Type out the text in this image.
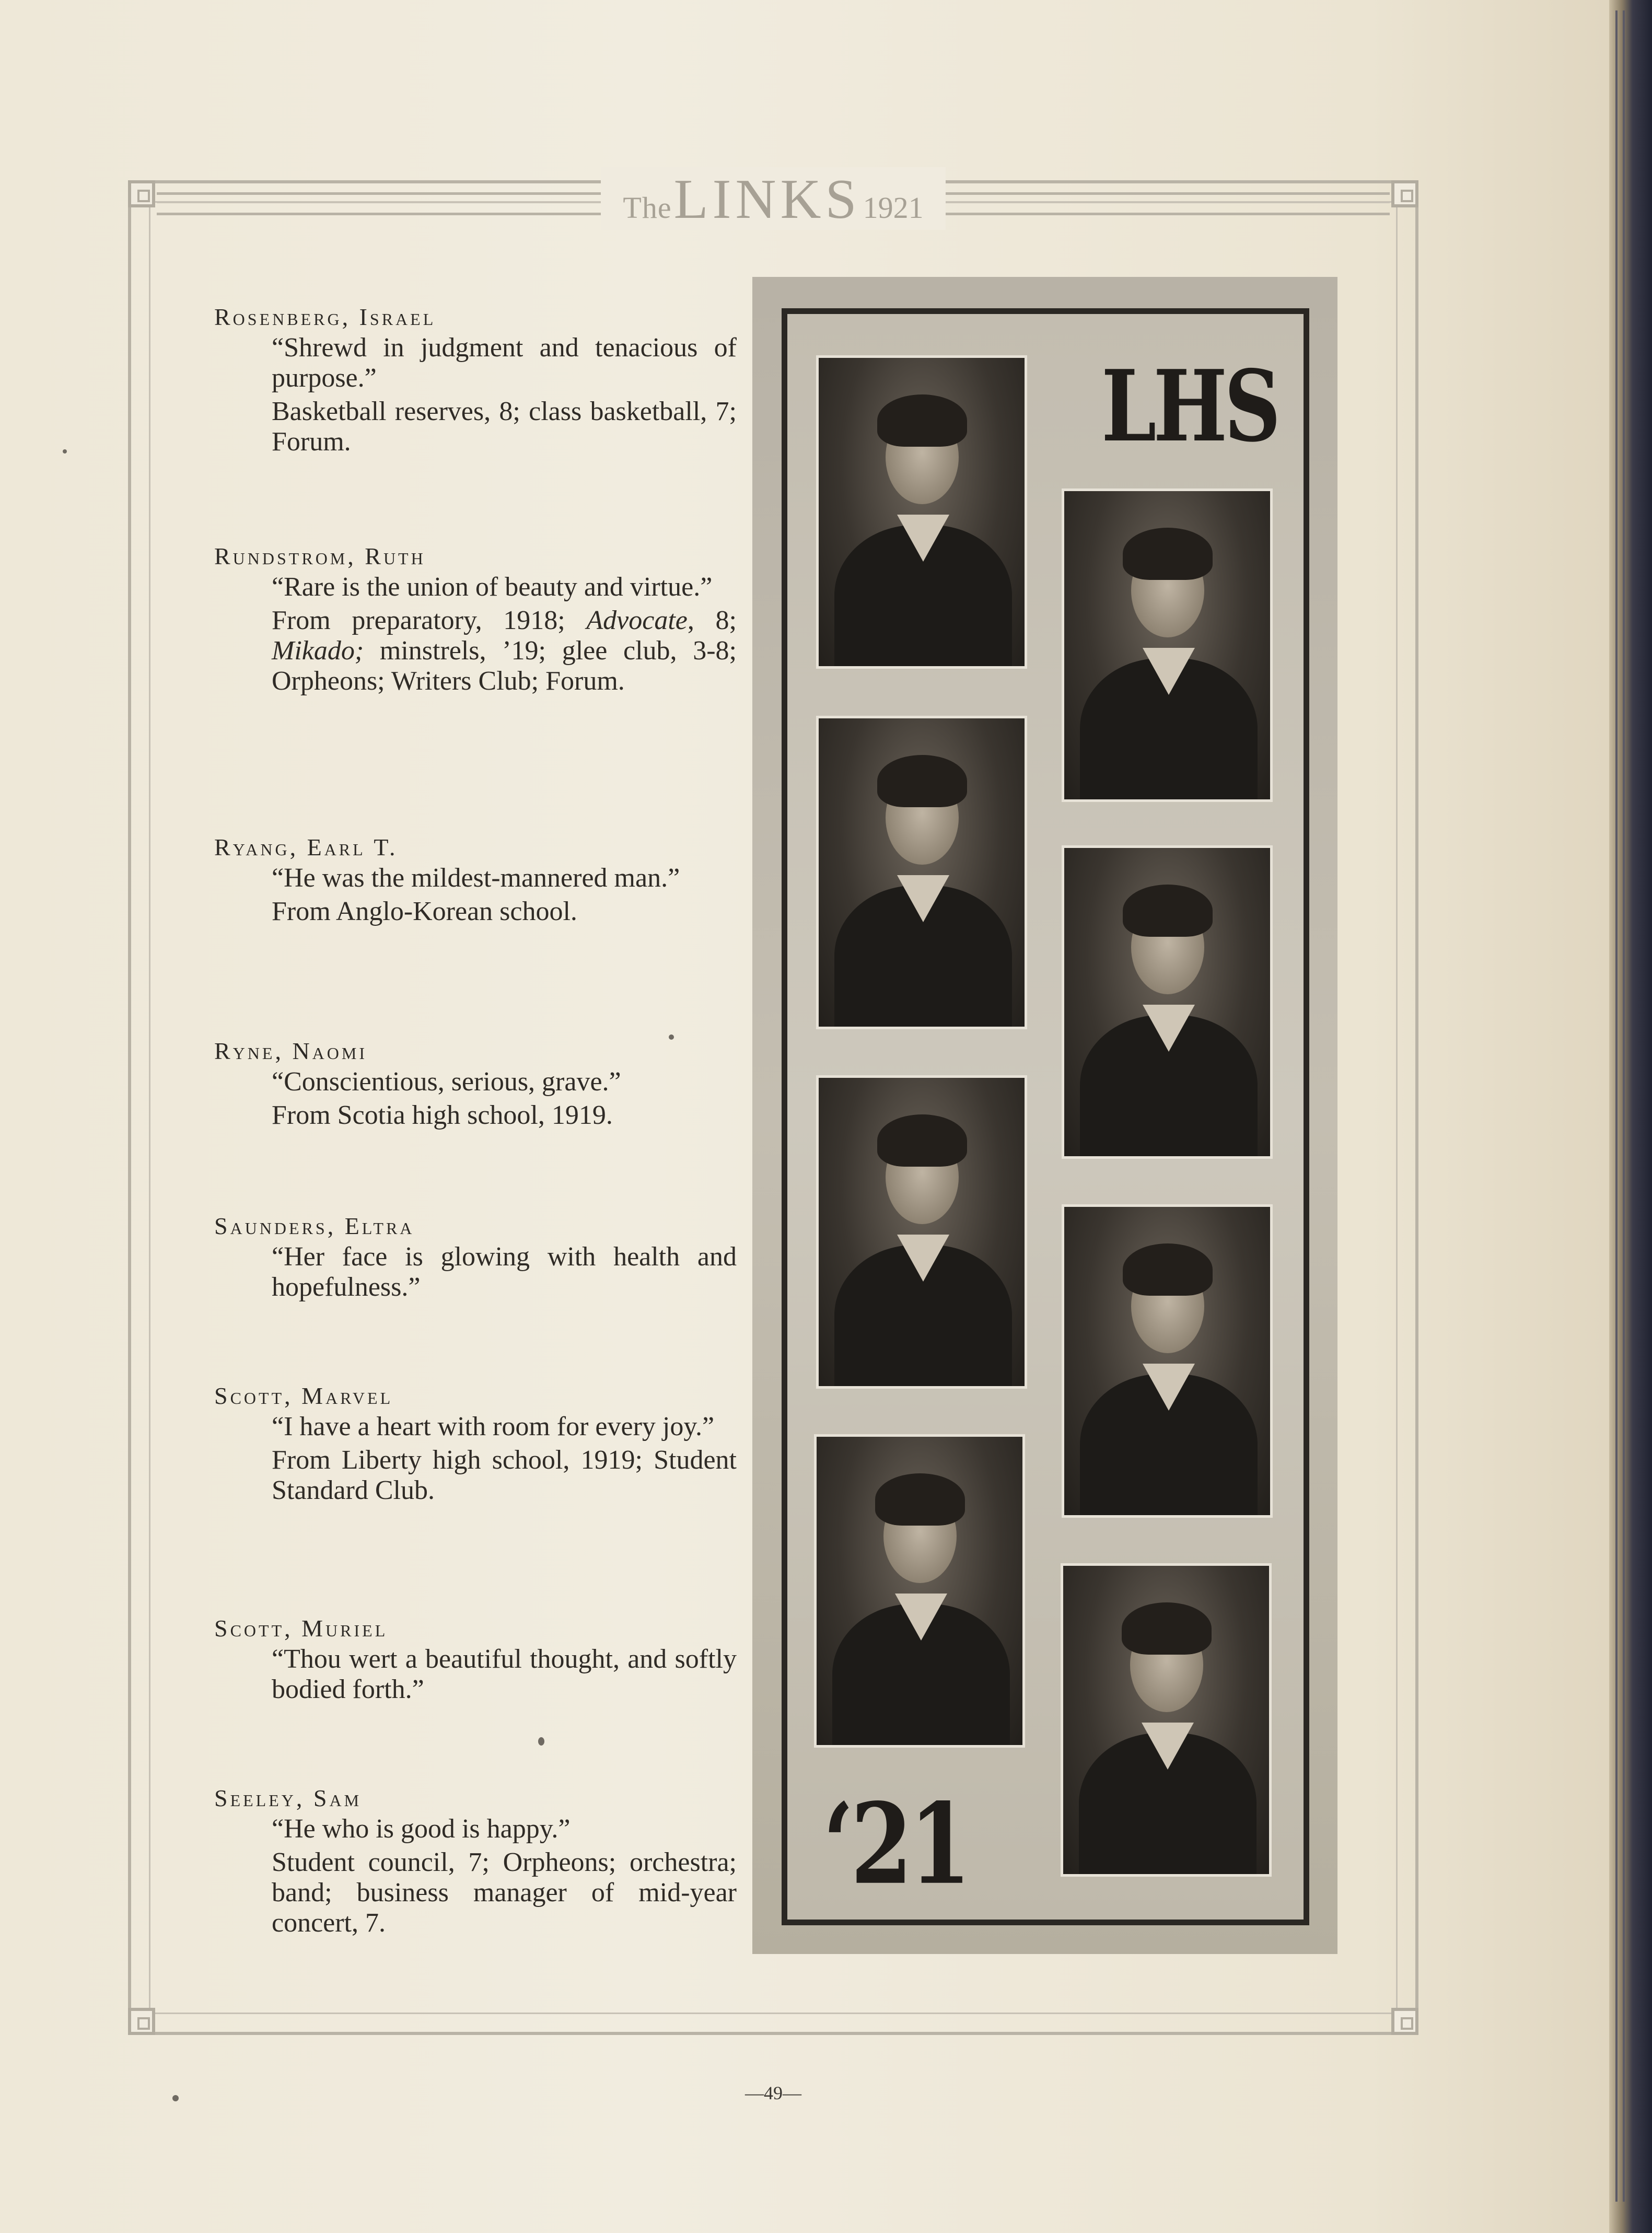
The LINKS 1921

Rosenberg, Israel

“Shrewd in judgment and tenacious of purpose.”

Basketball reserves, 8; class basketball, 7; Forum.

Rundstrom, Ruth

“Rare is the union of beauty and virtue.”

From preparatory, 1918; Advocate, 8; Mikado; minstrels, ’19; glee club, 3-8; Orpheons; Writers Club; Forum.

Ryang, Earl T.

“He was the mildest-mannered man.”

From Anglo-Korean school.

Ryne, Naomi

“Conscientious, serious, grave.”

From Scotia high school, 1919.

Saunders, Eltra

“Her face is glowing with health and hopefulness.”

Scott, Marvel

“I have a heart with room for every joy.”

From Liberty high school, 1919; Student Standard Club.

Scott, Muriel

“Thou wert a beautiful thought, and softly bodied forth.”

Seeley, Sam

“He who is good is happy.”

Student council, 7; Orpheons; orchestra; band; business manager of mid-year concert, 7.

LHS
‘21
—49—
